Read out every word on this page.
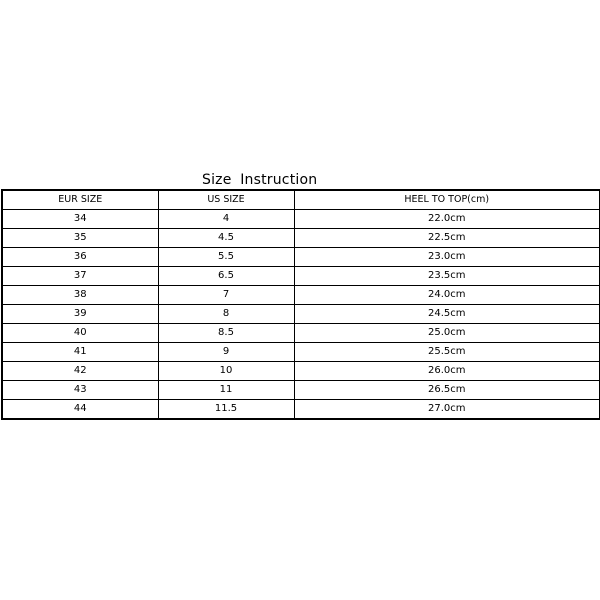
Size Instruction
EUR SIZE	US SIZE	HEEL TO TOP(cm)
34	4	22.0cm
35	4.5	22.5cm
36	5.5	23.0cm
37	6.5	23.5cm
38	7	24.0cm
39	8	24.5cm
40	8.5	25.0cm
41	9	25.5cm
42	10	26.0cm
43	11	26.5cm
44	11.5	27.0cm
